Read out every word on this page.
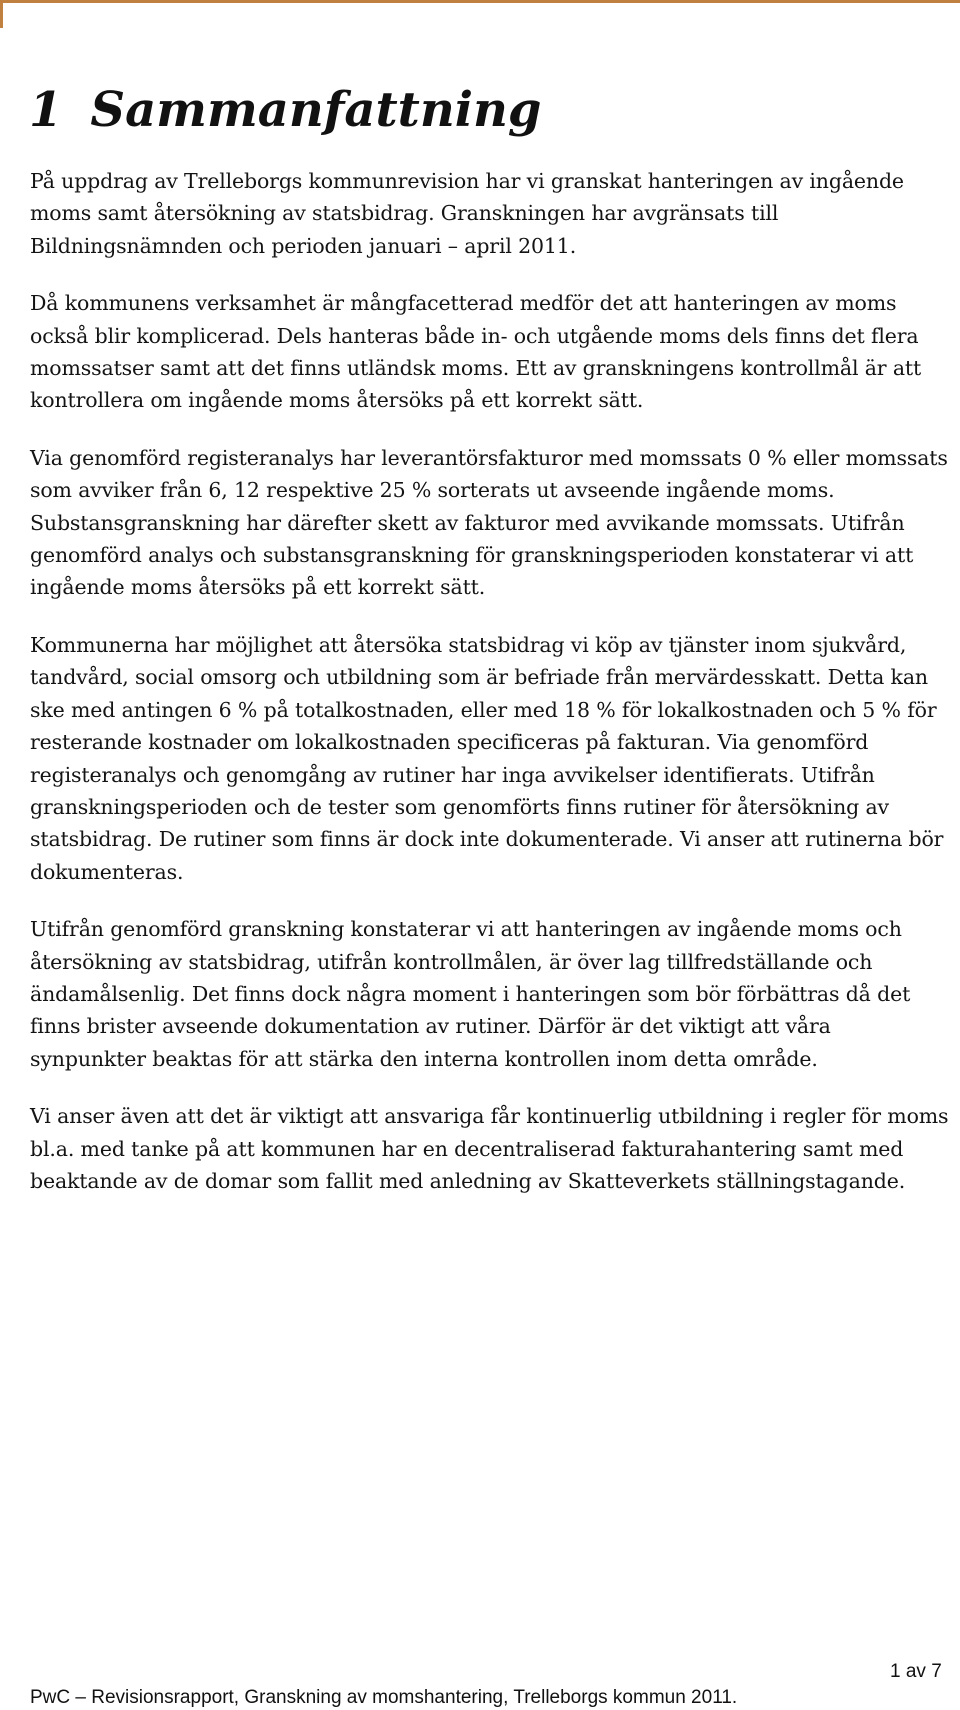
1 Sammanfattning

På uppdrag av Trelleborgs kommunrevision har vi granskat hanteringen av ingående moms samt återsökning av statsbidrag. Granskningen har avgränsats till Bildningsnämnden och perioden januari – april 2011.

Då kommunens verksamhet är mångfacetterad medför det att hanteringen av moms också blir komplicerad. Dels hanteras både in- och utgående moms dels finns det flera momssatser samt att det finns utländsk moms. Ett av granskningens kontrollmål är att kontrollera om ingående moms återsöks på ett korrekt sätt.

Via genomförd registeranalys har leverantörsfakturor med momssats 0 % eller momssats som avviker från 6, 12 respektive 25 % sorterats ut avseende ingående moms. Substansgranskning har därefter skett av fakturor med avvikande momssats. Utifrån genomförd analys och substansgranskning för granskningsperioden konstaterar vi att ingående moms återsöks på ett korrekt sätt.

Kommunerna har möjlighet att återsöka statsbidrag vi köp av tjänster inom sjukvård, tandvård, social omsorg och utbildning som är befriade från mervärdesskatt. Detta kan ske med antingen 6 % på totalkostnaden, eller med 18 % för lokalkostnaden och 5 % för resterande kostnader om lokalkostnaden specificeras på fakturan. Via genomförd registeranalys och genomgång av rutiner har inga avvikelser identifierats. Utifrån granskningsperioden och de tester som genomförts finns rutiner för återsökning av statsbidrag. De rutiner som finns är dock inte dokumenterade. Vi anser att rutinerna bör dokumenteras.

Utifrån genomförd granskning konstaterar vi att hanteringen av ingående moms och återsökning av statsbidrag, utifrån kontrollmålen, är över lag tillfredställande och ändamålsenlig. Det finns dock några moment i hanteringen som bör förbättras då det finns brister avseende dokumentation av rutiner. Därför är det viktigt att våra synpunkter beaktas för att stärka den interna kontrollen inom detta område.

Vi anser även att det är viktigt att ansvariga får kontinuerlig utbildning i regler för moms bl.a. med tanke på att kommunen har en decentraliserad fakturahantering samt med beaktande av de domar som fallit med anledning av Skatteverkets ställningstagande.

1 av 7
PwC – Revisionsrapport, Granskning av momshantering, Trelleborgs kommun 2011.
